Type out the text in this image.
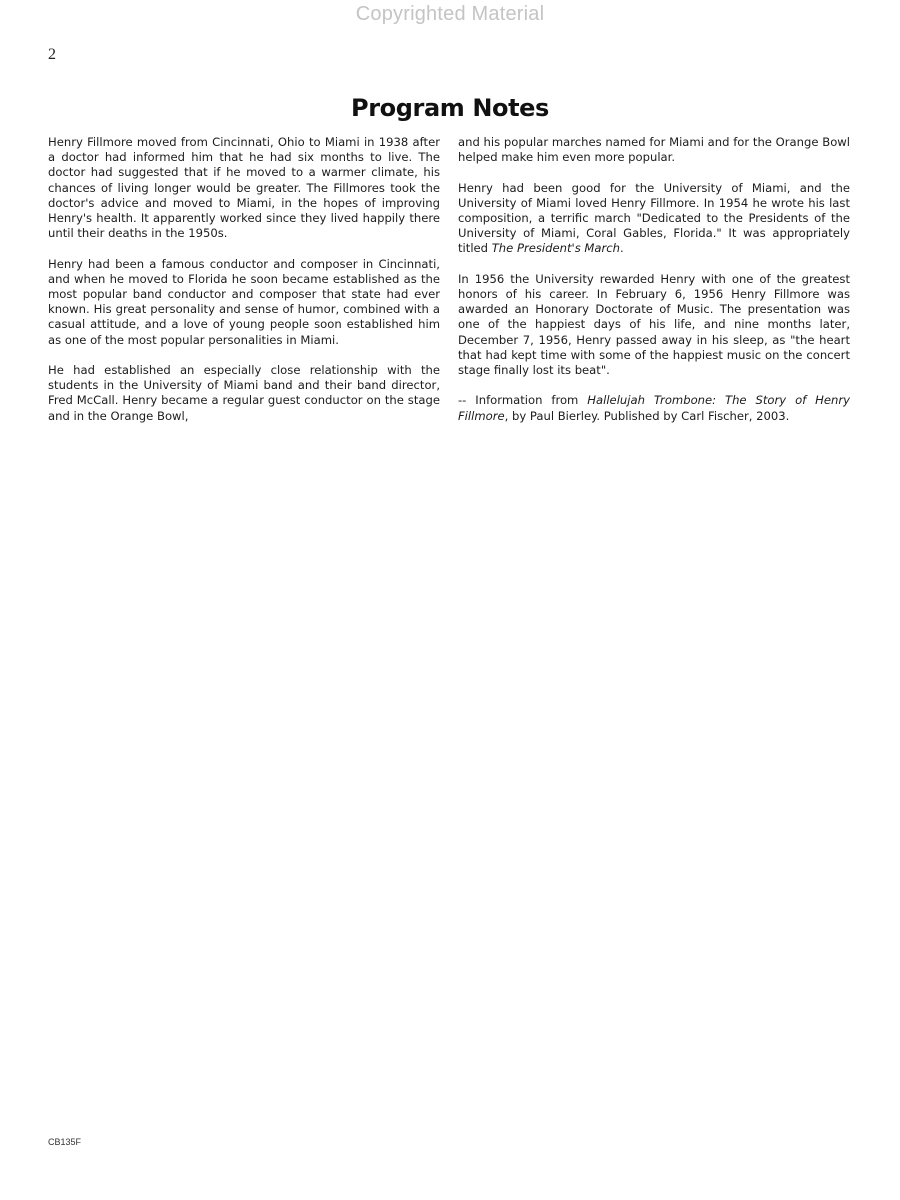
Copyrighted Material
2
Program Notes

Henry Fillmore moved from Cincinnati, Ohio to Miami in 1938 after a doctor had informed him that he had six months to live. The doctor had suggested that if he moved to a warmer climate, his chances of living longer would be greater. The Fillmores took the doctor's advice and moved to Miami, in the hopes of improving Henry's health. It apparently worked since they lived happily there until their deaths in the 1950s.

Henry had been a famous conductor and composer in Cincinnati, and when he moved to Florida he soon became established as the most popular band conductor and composer that state had ever known. His great personality and sense of humor, combined with a casual attitude, and a love of young people soon established him as one of the most popular personalities in Miami.

He had established an especially close relationship with the students in the University of Miami band and their band director, Fred McCall. Henry became a regular guest conductor on the stage and in the Orange Bowl,

and his popular marches named for Miami and for the Orange Bowl helped make him even more popular.

Henry had been good for the University of Miami, and the University of Miami loved Henry Fillmore. In 1954 he wrote his last composition, a terrific march "Dedicated to the Presidents of the University of Miami, Coral Gables, Florida." It was appropriately titled The President's March.

In 1956 the University rewarded Henry with one of the greatest honors of his career. In February 6, 1956 Henry Fillmore was awarded an Honorary Doctorate of Music. The presentation was one of the happiest days of his life, and nine months later, December 7, 1956, Henry passed away in his sleep, as "the heart that had kept time with some of the happiest music on the concert stage finally lost its beat".

-- Information from Hallelujah Trombone: The Story of Henry Fillmore, by Paul Bierley. Published by Carl Fischer, 2003.

CB135F
